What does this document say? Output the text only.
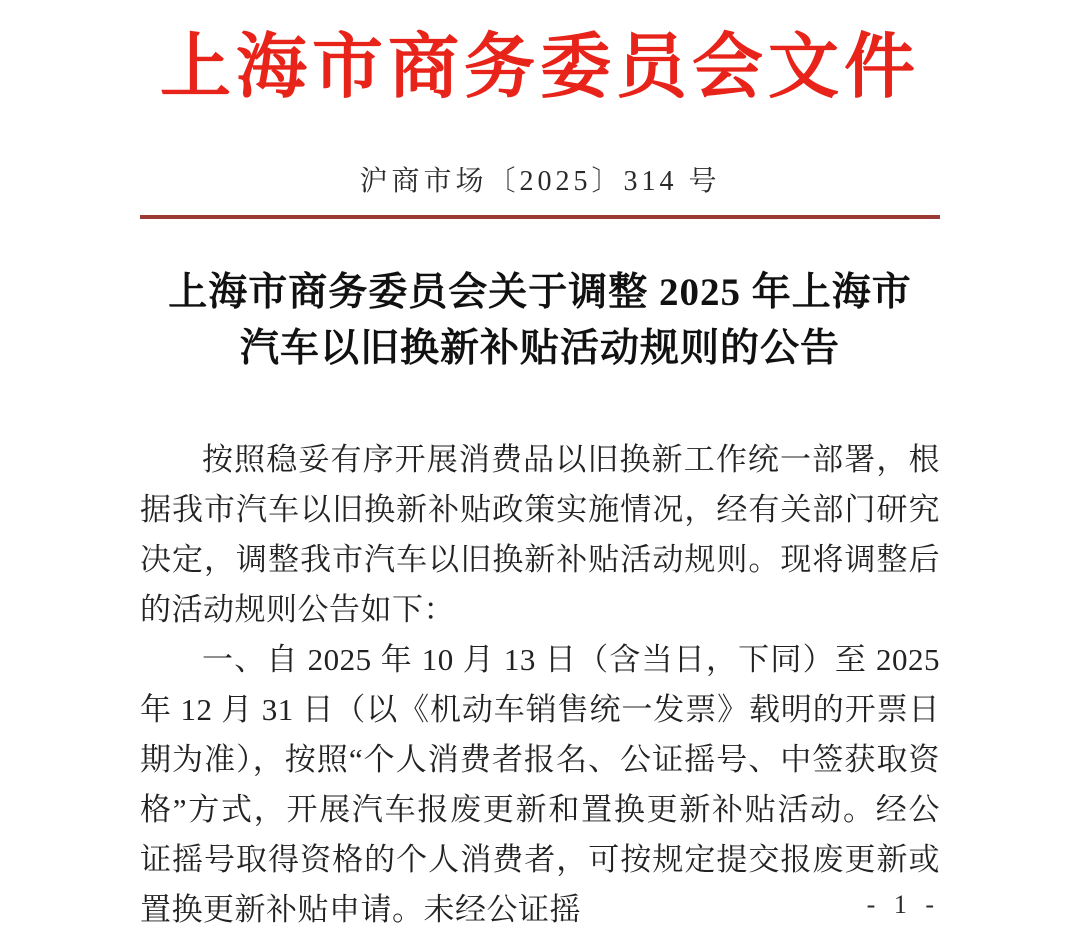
上海市商务委员会文件
沪商市场〔2025〕314 号
上海市商务委员会关于调整 2025 年上海市
汽车以旧换新补贴活动规则的公告

按照稳妥有序开展消费品以旧换新工作统一部署，根据我市汽车以旧换新补贴政策实施情况，经有关部门研究决定，调整我市汽车以旧换新补贴活动规则。现将调整后的活动规则公告如下：

一、自 2025 年 10 月 13 日（含当日，下同）至 2025 年 12 月 31 日（以《机动车销售统一发票》载明的开票日期为准），按照“个人消费者报名、公证摇号、中签获取资格”方式，开展汽车报废更新和置换更新补贴活动。经公证摇号取得资格的个人消费者，可按规定提交报废更新或置换更新补贴申请。未经公证摇	- 1 -
